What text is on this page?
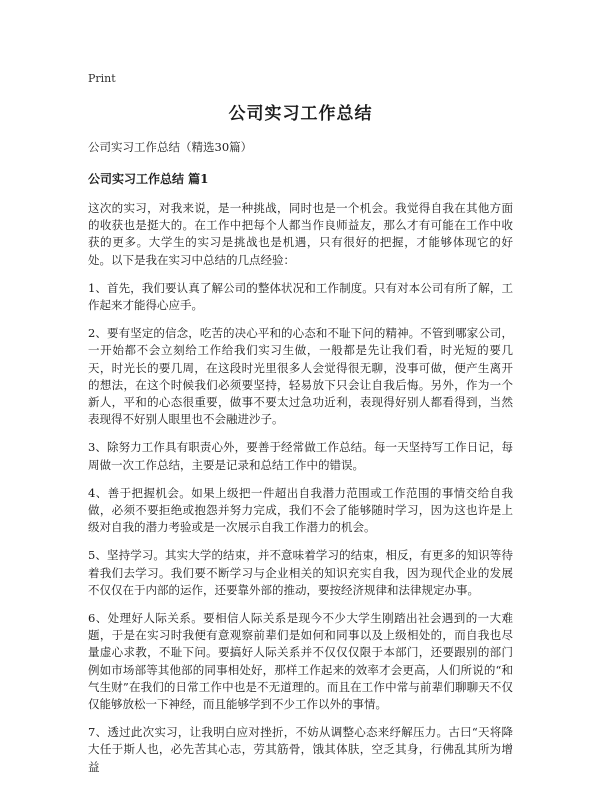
Print
公司实习工作总结
公司实习工作总结（精选30篇）
公司实习工作总结 篇1

这次的实习，对我来说，是一种挑战，同时也是一个机会。我觉得自我在其他方面的收获也是挺大的。在工作中把每个人都当作良师益友，那么才有可能在工作中收获的更多。大学生的实习是挑战也是机遇，只有很好的把握，才能够体现它的好处。以下是我在实习中总结的几点经验：

1、首先，我们要认真了解公司的整体状况和工作制度。只有对本公司有所了解，工作起来才能得心应手。

2、要有坚定的信念，吃苦的决心平和的心态和不耻下问的精神。不管到哪家公司，一开始都不会立刻给工作给我们实习生做，一般都是先让我们看，时光短的要几天，时光长的要几周，在这段时光里很多人会觉得很无聊，没事可做，便产生离开的想法，在这个时候我们必须要坚持，轻易放下只会让自我后悔。另外，作为一个新人，平和的心态很重要，做事不要太过急功近利，表现得好别人都看得到，当然表现得不好别人眼里也不会融进沙子。

3、除努力工作具有职责心外，要善于经常做工作总结。每一天坚持写工作日记，每周做一次工作总结，主要是记录和总结工作中的错误。

4、善于把握机会。如果上级把一件超出自我潜力范围或工作范围的事情交给自我做，必须不要拒绝或抱怨并努力完成，我们不会了能够随时学习，因为这也许是上级对自我的潜力考验或是一次展示自我工作潜力的机会。

5、坚持学习。其实大学的结束，并不意味着学习的结束，相反，有更多的知识等待着我们去学习。我们要不断学习与企业相关的知识充实自我，因为现代企业的发展不仅仅在于内部的运作，还要靠外部的推动，要按经济规律和法律规定办事。

6、处理好人际关系。要相信人际关系是现今不少大学生刚踏出社会遇到的一大难题，于是在实习时我便有意观察前辈们是如何和同事以及上级相处的，而自我也尽量虚心求教，不耻下问。要搞好人际关系并不仅仅仅限于本部门，还要跟别的部门例如市场部等其他部的同事相处好，那样工作起来的效率才会更高，人们所说的“和气生财”在我们的日常工作中也是不无道理的。而且在工作中常与前辈们聊聊天不仅仅能够放松一下神经，而且能够学到不少工作以外的事情。

7、透过此次实习，让我明白应对挫折，不妨从调整心态来纾解压力。古曰“天将降大任于斯人也，必先苦其心志，劳其筋骨，饿其体肤，空乏其身，行佛乱其所为增益
